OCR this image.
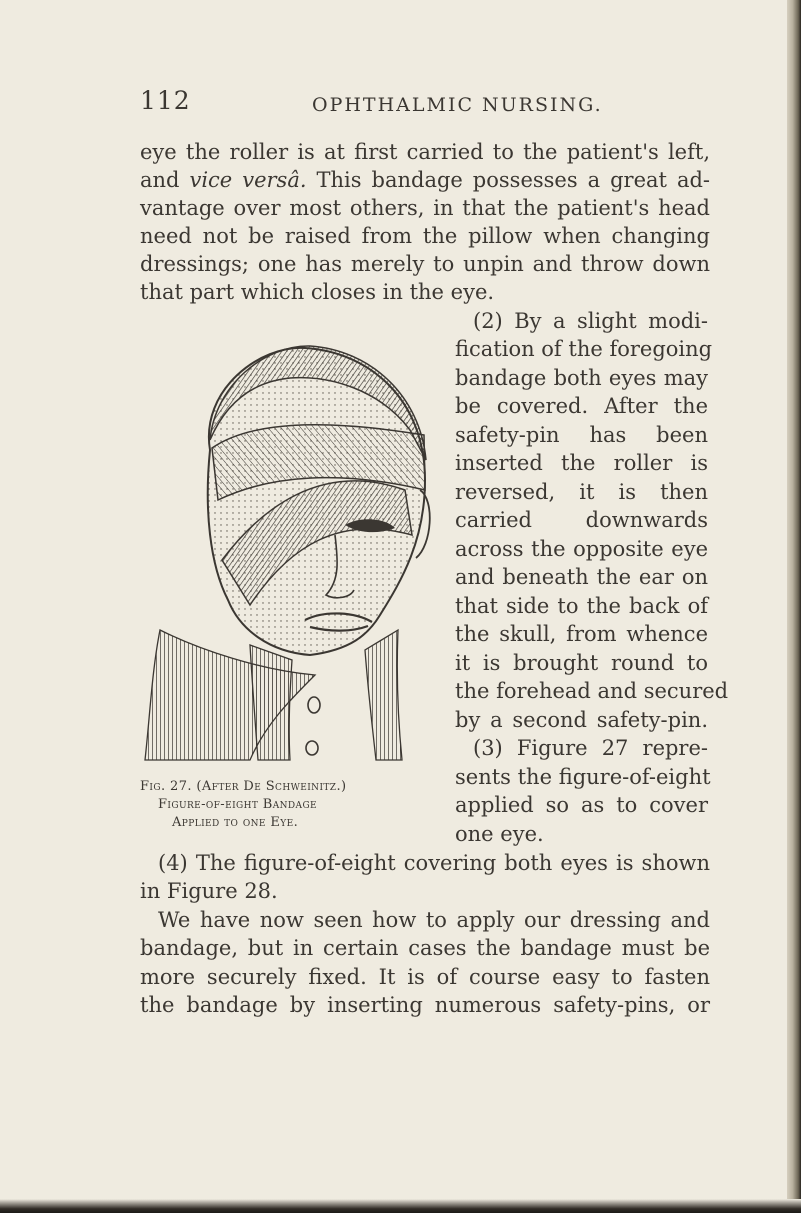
112	OPHTHALMIC NURSING.
eye the roller is at first carried to the patient's left,
and vice versâ. This bandage possesses a great ad-
vantage over most others, in that the patient's head
need not be raised from the pillow when changing
dressings; one has merely to unpin and throw down
that part which closes in the eye.
(2) By a slight modi-
fication of the foregoing
bandage both eyes may
be covered. After the
safety-pin has been
inserted the roller is
reversed, it is then
carried downwards
across the opposite eye
and beneath the ear on
that side to the back of
the skull, from whence
it is brought round to
the forehead and secured
by a second safety-pin.
(3) Figure 27 repre-
sents the figure-of-eight
applied so as to cover
one eye.
Fig. 27. (After De Schweinitz.)
Figure-of-eight Bandage
Applied to one Eye.
(4) The figure-of-eight covering both eyes is shown
in Figure 28.
We have now seen how to apply our dressing and
bandage, but in certain cases the bandage must be
more securely fixed. It is of course easy to fasten
the bandage by inserting numerous safety-pins, or
